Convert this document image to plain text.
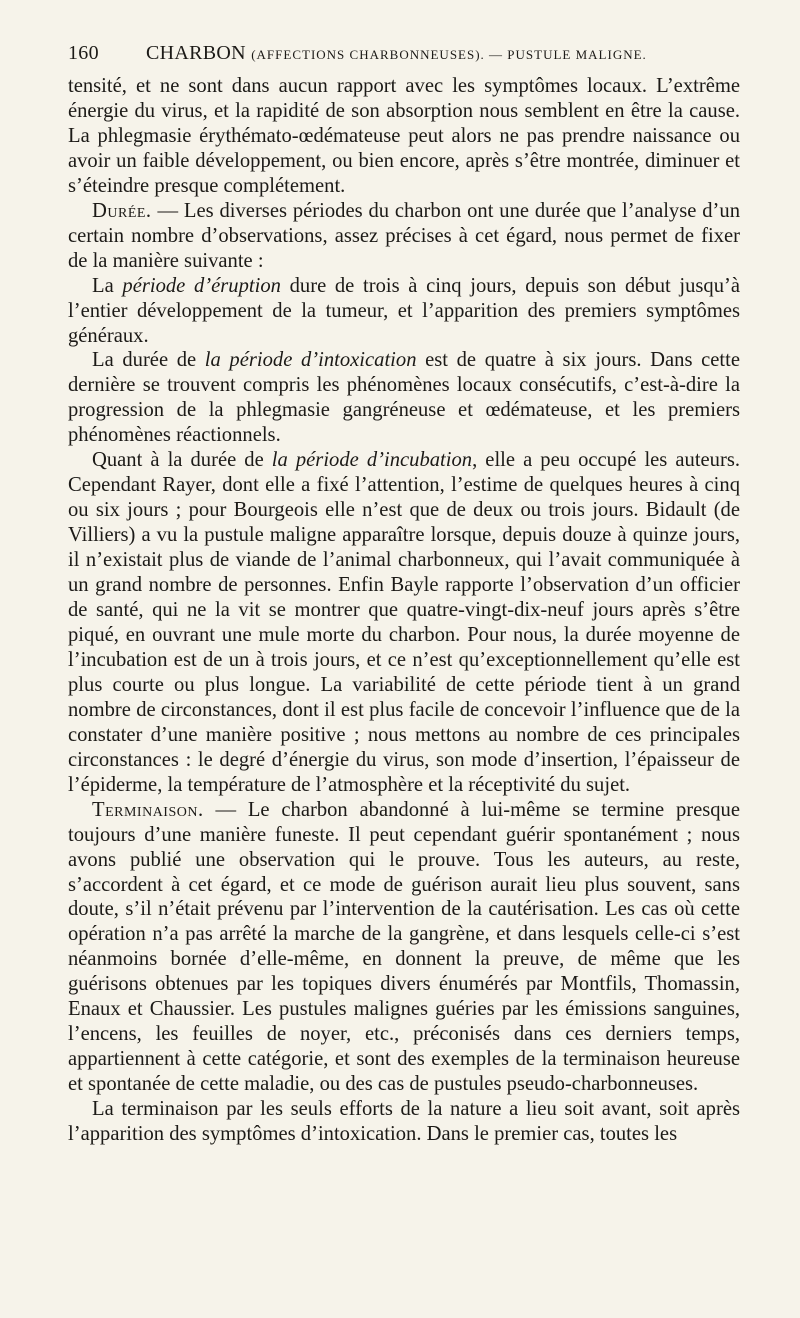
160 CHARBON (AFFECTIONS CHARBONNEUSES). — PUSTULE MALIGNE.

tensité, et ne sont dans aucun rapport avec les symptômes locaux. L’extrême énergie du virus, et la rapidité de son absorption nous semblent en être la cause. La phlegmasie érythémato-œdémateuse peut alors ne pas prendre naissance ou avoir un faible développement, ou bien encore, après s’être montrée, diminuer et s’éteindre presque complétement.

Durée. — Les diverses périodes du charbon ont une durée que l’analyse d’un certain nombre d’observations, assez précises à cet égard, nous permet de fixer de la manière suivante :

La période d’éruption dure de trois à cinq jours, depuis son début jusqu’à l’entier développement de la tumeur, et l’apparition des premiers symptômes généraux.

La durée de la période d’intoxication est de quatre à six jours. Dans cette dernière se trouvent compris les phénomènes locaux consécutifs, c’est-à-dire la progression de la phlegmasie gangréneuse et œdémateuse, et les premiers phénomènes réactionnels.

Quant à la durée de la période d’incubation, elle a peu occupé les auteurs. Cependant Rayer, dont elle a fixé l’attention, l’estime de quelques heures à cinq ou six jours ; pour Bourgeois elle n’est que de deux ou trois jours. Bidault (de Villiers) a vu la pustule maligne apparaître lorsque, depuis douze à quinze jours, il n’existait plus de viande de l’animal charbonneux, qui l’avait communiquée à un grand nombre de personnes. Enfin Bayle rapporte l’observation d’un officier de santé, qui ne la vit se montrer que quatre-vingt-dix-neuf jours après s’être piqué, en ouvrant une mule morte du charbon. Pour nous, la durée moyenne de l’incubation est de un à trois jours, et ce n’est qu’exceptionnellement qu’elle est plus courte ou plus longue. La variabilité de cette période tient à un grand nombre de circonstances, dont il est plus facile de concevoir l’influence que de la constater d’une manière positive ; nous mettons au nombre de ces principales circonstances : le degré d’énergie du virus, son mode d’insertion, l’épaisseur de l’épiderme, la température de l’atmosphère et la réceptivité du sujet.

Terminaison. — Le charbon abandonné à lui-même se termine presque toujours d’une manière funeste. Il peut cependant guérir spontanément ; nous avons publié une observation qui le prouve. Tous les auteurs, au reste, s’accordent à cet égard, et ce mode de guérison aurait lieu plus souvent, sans doute, s’il n’était prévenu par l’intervention de la cautérisation. Les cas où cette opération n’a pas arrêté la marche de la gangrène, et dans lesquels celle-ci s’est néanmoins bornée d’elle-même, en donnent la preuve, de même que les guérisons obtenues par les topiques divers énumérés par Montfils, Thomassin, Enaux et Chaussier. Les pustules malignes guéries par les émissions sanguines, l’encens, les feuilles de noyer, etc., préconisés dans ces derniers temps, appartiennent à cette catégorie, et sont des exemples de la terminaison heureuse et spontanée de cette maladie, ou des cas de pustules pseudo-charbonneuses.

La terminaison par les seuls efforts de la nature a lieu soit avant, soit après l’apparition des symptômes d’intoxication. Dans le premier cas, toutes les
